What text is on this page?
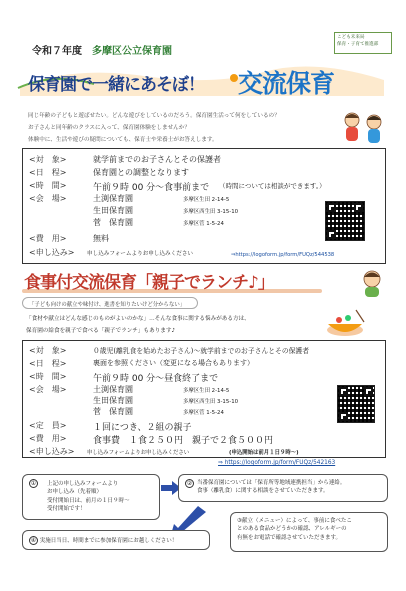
令和７年度 多摩区公立保育園
こども未来局
保育・子育て推進部
保育園で一緒にあそぼ！ 交流保育
同じ年齢の子どもと遊ばせたい。どんな遊びをしているのだろう。保育園生活って何をしているの？
お子さんと同年齢のクラスに入って、保育園体験をしませんか？
体験中に、生活や遊びの疑問についても、保育士や栄養士がお答えします。
<対　象>	就学前までのお子さんとその保護者
<日　程>	保育園との調整となります
<時　間>	午前９時 00 分～食事前まで （時間については相談ができます。）
<会　場>	土渕保育園	多摩区生田 2-14-5
生田保育園	多摩区西生田 3-15-10
菅　保育園	多摩区菅 1-5-24
<費　用>	無料
<申し込み> 申し込みフォームよりお申し込みください	⇒https://logoform.jp/form/FUQz/544538
食事付交流保育「親子でランチ♪」
「子ども向けの献立や味付け、進書を知りたいけど分からない」
「食材や献立はどんな感じのものがよいのかな」…そんな食事に関する悩みがある方は、
保育園の給食を親子で食べる「親子でランチ」もあります♪
<対　象>	０歳児(離乳食を始めたお子さん)～就学前までのお子さんとその保護者
<日　程>	裏面を参照ください（変更になる場合もあります）
<時　間>	午前９時 00 分～昼食終了まで
<会　場>	土渕保育園	多摩区生田 2-14-5
生田保育園	多摩区西生田 3-15-10
菅　保育園	多摩区菅 1-5-24
<定　員>	１回につき、２組の親子
<費　用>	食事費　１食２５０円　親子で２食５００円
<申し込み> 申し込みフォームよりお申し込みください	(申込開始は前月１日９時～)
⇒ https://logoform.jp/form/FUQz/542163
① 上記の申し込みフォームより
お申し込み（先着順）
受付開始日は、前月の１日９時～
受付開始です！
② 当番保育園については「保育所等地域連携担当」から連絡。
食事（離乳食）に関する相談をさせていただきます。
③献立（メニュー）によって、事前に食べたこ
とのある食品かどうかの確認、アレルギーの
有無をお電話で確認させていただきます。
④ 実施日当日、時間までに参加保育園にお越しください！
